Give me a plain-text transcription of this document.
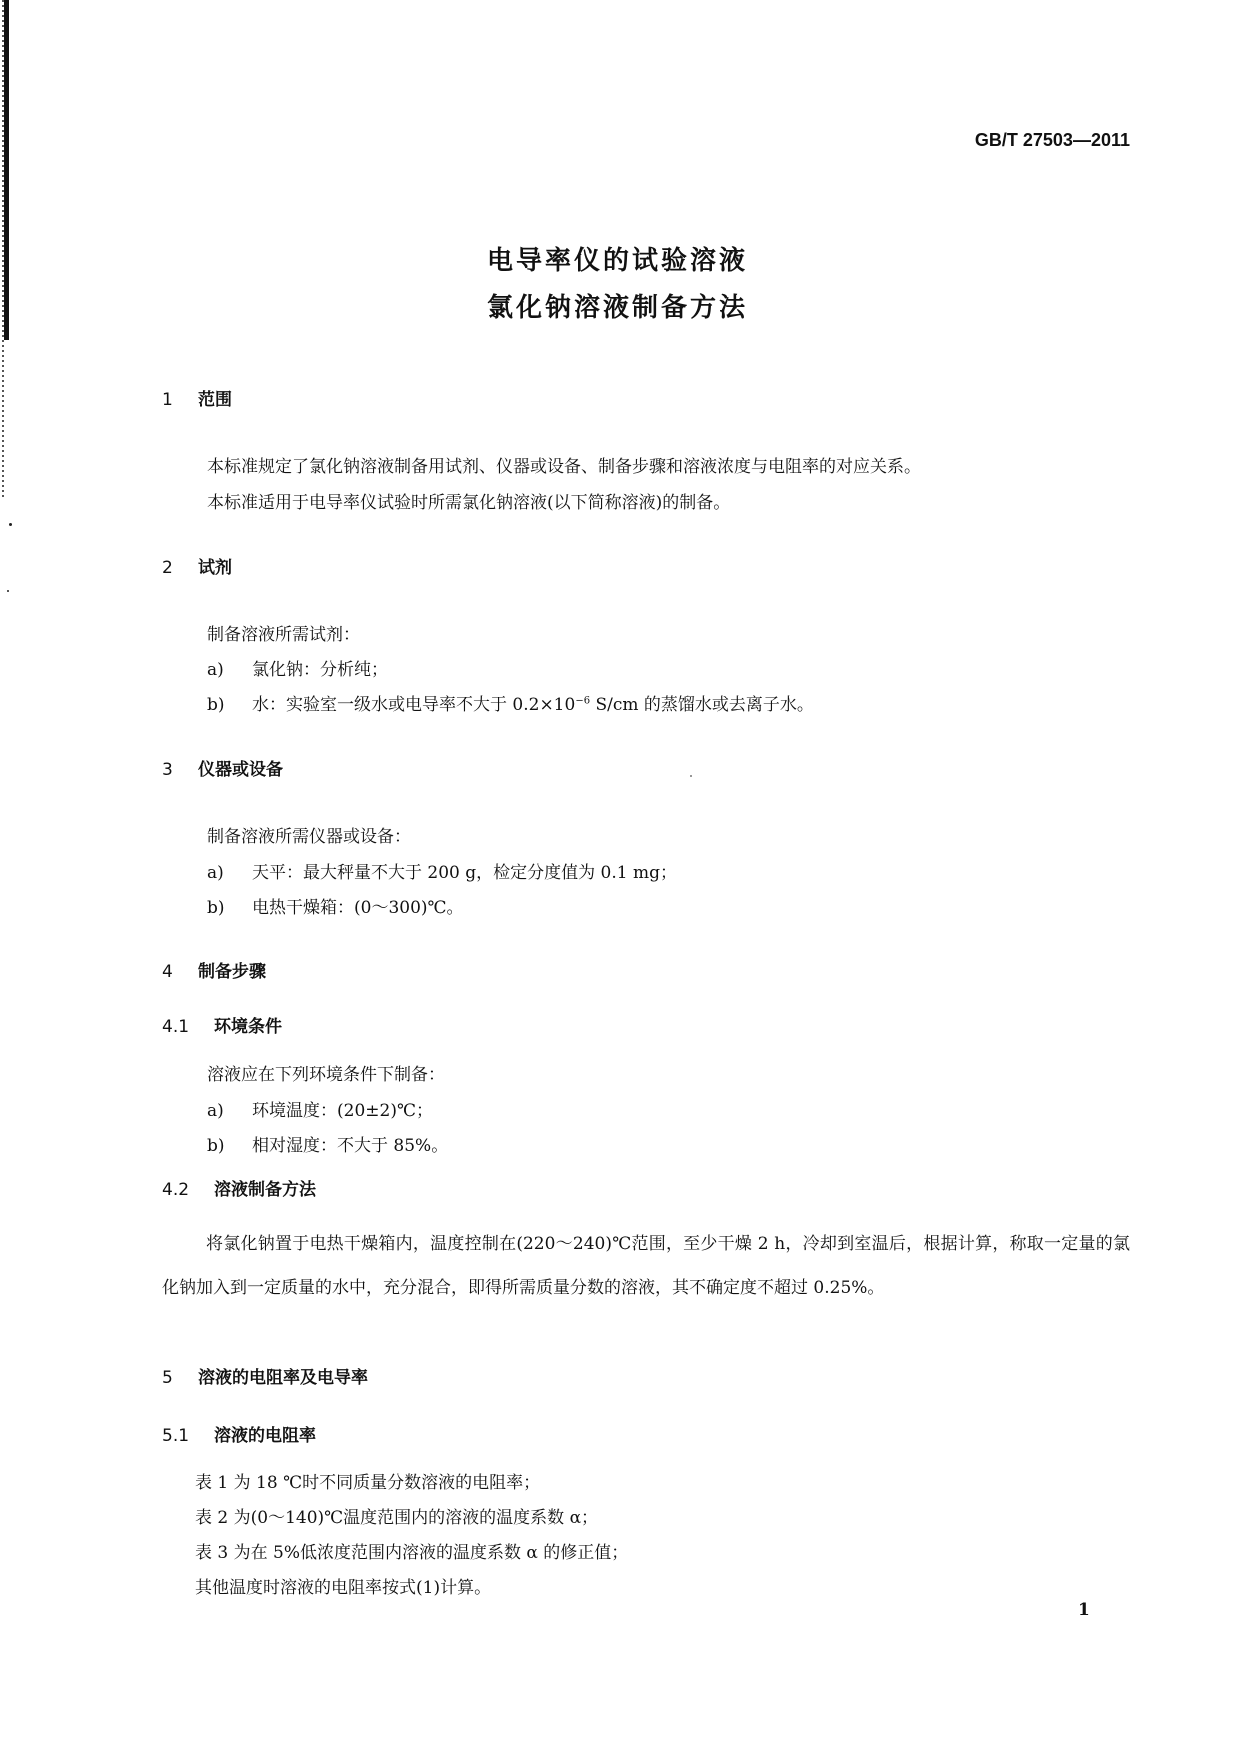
GB/T 27503—2011
电导率仪的试验溶液
氯化钠溶液制备方法
1 范围
本标准规定了氯化钠溶液制备用试剂、仪器或设备、制备步骤和溶液浓度与电阻率的对应关系。
本标准适用于电导率仪试验时所需氯化钠溶液(以下简称溶液)的制备。
2 试剂
制备溶液所需试剂：
a) 氯化钠：分析纯；
b) 水：实验室一级水或电导率不大于 $0.2\times 10^{-6}$ S/cm 的蒸馏水或去离子水。
3 仪器或设备
制备溶液所需仪器或设备：
a) 天平：最大秤量不大于 200 g，检定分度值为 0.1 mg；
b) 电热干燥箱：(0～300)℃。
4 制备步骤
4.1 环境条件
溶液应在下列环境条件下制备：
a) 环境温度：(20±2)℃；
b) 相对湿度：不大于 85%。
4.2 溶液制备方法
将氯化钠置于电热干燥箱内，温度控制在(220～240)℃范围，至少干燥 2 h，冷却到室温后，根据计算，称取一定量的氯化钠加入到一定质量的水中，充分混合，即得所需质量分数的溶液，其不确定度不超过 0.25%。
5 溶液的电阻率及电导率
5.1 溶液的电阻率
表 1 为 18 ℃时不同质量分数溶液的电阻率；
表 2 为(0～140)℃温度范围内的溶液的温度系数 α；
表 3 为在 5%低浓度范围内溶液的温度系数 α 的修正值；
其他温度时溶液的电阻率按式(1)计算。
1
